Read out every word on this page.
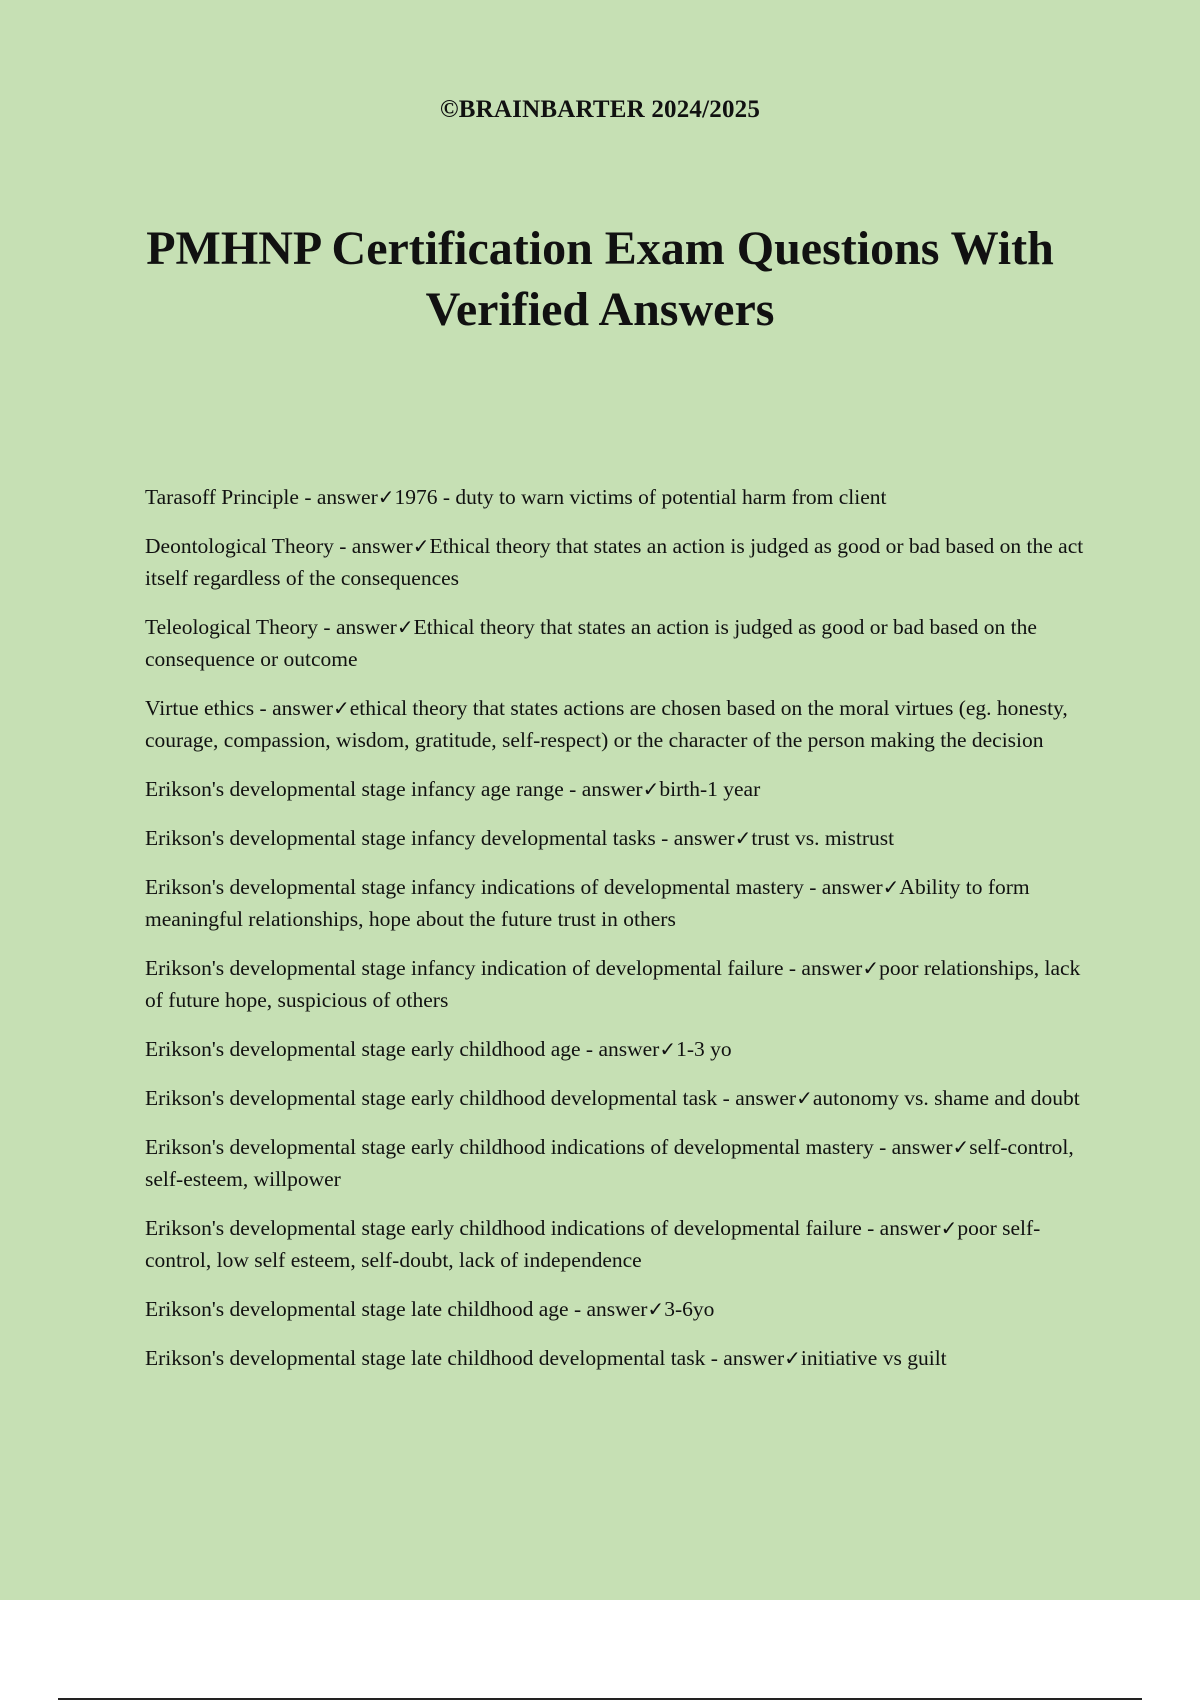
©BRAINBARTER 2024/2025
PMHNP Certification Exam Questions With Verified Answers
Tarasoff Principle - answer✓1976 - duty to warn victims of potential harm from client
Deontological Theory - answer✓Ethical theory that states an action is judged as good or bad based on the act itself regardless of the consequences
Teleological Theory - answer✓Ethical theory that states an action is judged as good or bad based on the consequence or outcome
Virtue ethics - answer✓ethical theory that states actions are chosen based on the moral virtues (eg. honesty, courage, compassion, wisdom, gratitude, self-respect) or the character of the person making the decision
Erikson's developmental stage infancy age range - answer✓birth-1 year
Erikson's developmental stage infancy developmental tasks - answer✓trust vs. mistrust
Erikson's developmental stage infancy indications of developmental mastery - answer✓Ability to form meaningful relationships, hope about the future trust in others
Erikson's developmental stage infancy indication of developmental failure - answer✓poor relationships, lack of future hope, suspicious of others
Erikson's developmental stage early childhood age - answer✓1-3 yo
Erikson's developmental stage early childhood developmental task - answer✓autonomy vs. shame and doubt
Erikson's developmental stage early childhood indications of developmental mastery - answer✓self-control, self-esteem, willpower
Erikson's developmental stage early childhood indications of developmental failure - answer✓poor self-control, low self esteem, self-doubt, lack of independence
Erikson's developmental stage late childhood age - answer✓3-6yo
Erikson's developmental stage late childhood developmental task - answer✓initiative vs guilt
